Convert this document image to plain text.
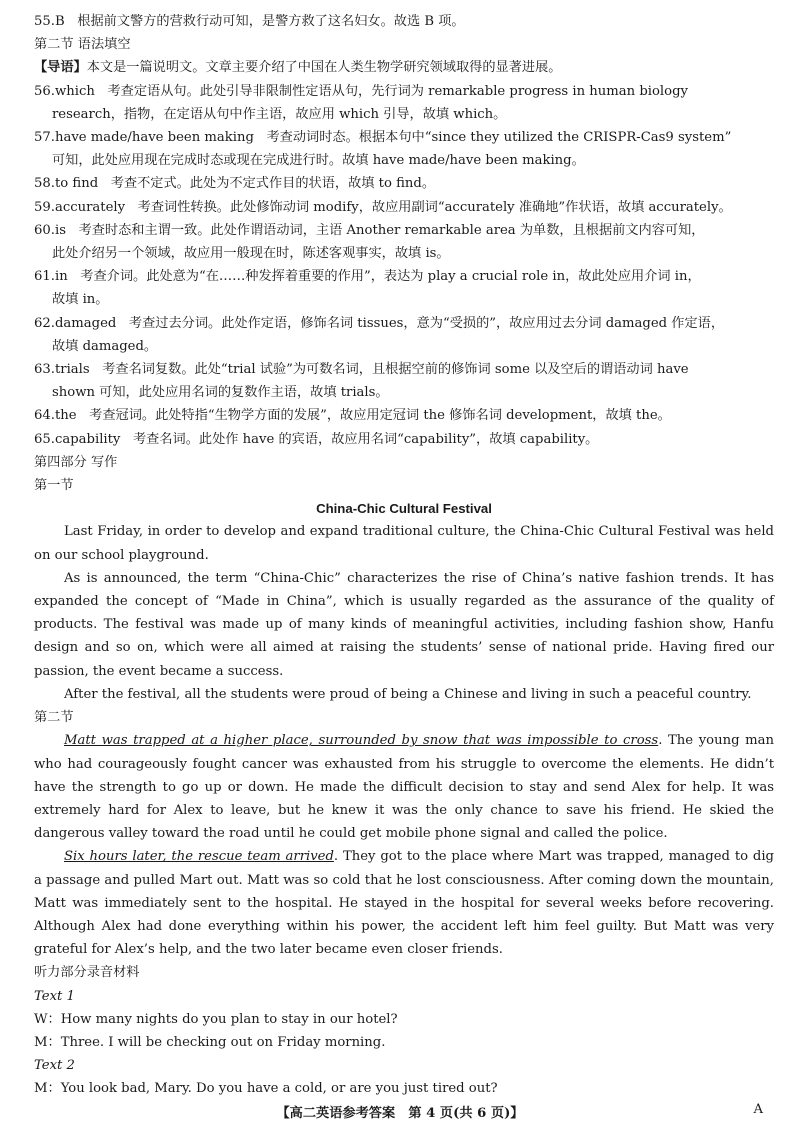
55.B 根据前文警方的营救行动可知，是警方救了这名妇女。故选 B 项。

第二节 语法填空

【导语】本文是一篇说明文。文章主要介绍了中国在人类生物学研究领域取得的显著进展。

56.which 考查定语从句。此处引导非限制性定语从句，先行词为 remarkable progress in human biology

research，指物，在定语从句中作主语，故应用 which 引导，故填 which。

57.have made/have been making 考查动词时态。根据本句中“since they utilized the CRISPR-Cas9 system”

可知，此处应用现在完成时态或现在完成进行时。故填 have made/have been making。

58.to find 考查不定式。此处为不定式作目的状语，故填 to find。

59.accurately 考查词性转换。此处修饰动词 modify，故应用副词“accurately 准确地”作状语，故填 accurately。

60.is 考查时态和主谓一致。此处作谓语动词，主语 Another remarkable area 为单数，且根据前文内容可知，

此处介绍另一个领域，故应用一般现在时，陈述客观事实，故填 is。

61.in 考查介词。此处意为“在……种发挥着重要的作用”，表达为 play a crucial role in，故此处应用介词 in，

故填 in。

62.damaged 考查过去分词。此处作定语，修饰名词 tissues，意为“受损的”，故应用过去分词 damaged 作定语，

故填 damaged。

63.trials 考查名词复数。此处“trial 试验”为可数名词，且根据空前的修饰词 some 以及空后的谓语动词 have

shown 可知，此处应用名词的复数作主语，故填 trials。

64.the 考查冠词。此处特指“生物学方面的发展”，故应用定冠词 the 修饰名词 development，故填 the。

65.capability 考查名词。此处作 have 的宾语，故应用名词“capability”，故填 capability。

第四部分 写作

第一节

China-Chic Cultural Festival

Last Friday, in order to develop and expand traditional culture, the China-Chic Cultural Festival was held on our school playground.

As is announced, the term “China-Chic” characterizes the rise of China’s native fashion trends. It has expanded the concept of “Made in China”, which is usually regarded as the assurance of the quality of products. The festival was made up of many kinds of meaningful activities, including fashion show, Hanfu design and so on, which were all aimed at raising the students’ sense of national pride. Having fired our passion, the event became a success.

After the festival, all the students were proud of being a Chinese and living in such a peaceful country.

第二节

Matt was trapped at a higher place, surrounded by snow that was impossible to cross. The young man who had courageously fought cancer was exhausted from his struggle to overcome the elements. He didn’t have the strength to go up or down. He made the difficult decision to stay and send Alex for help. It was extremely hard for Alex to leave, but he knew it was the only chance to save his friend. He skied the dangerous valley toward the road until he could get mobile phone signal and called the police.

Six hours later, the rescue team arrived. They got to the place where Mart was trapped, managed to dig a passage and pulled Mart out. Matt was so cold that he lost consciousness. After coming down the mountain, Matt was immediately sent to the hospital. He stayed in the hospital for several weeks before recovering. Although Alex had done everything within his power, the accident left him feel guilty. But Matt was very grateful for Alex’s help, and the two later became even closer friends.

听力部分录音材料

Text 1

W：How many nights do you plan to stay in our hotel?

M：Three. I will be checking out on Friday morning.

Text 2

M：You look bad, Mary. Do you have a cold, or are you just tired out?

【高二英语参考答案　第 4 页(共 6 页)】	A
